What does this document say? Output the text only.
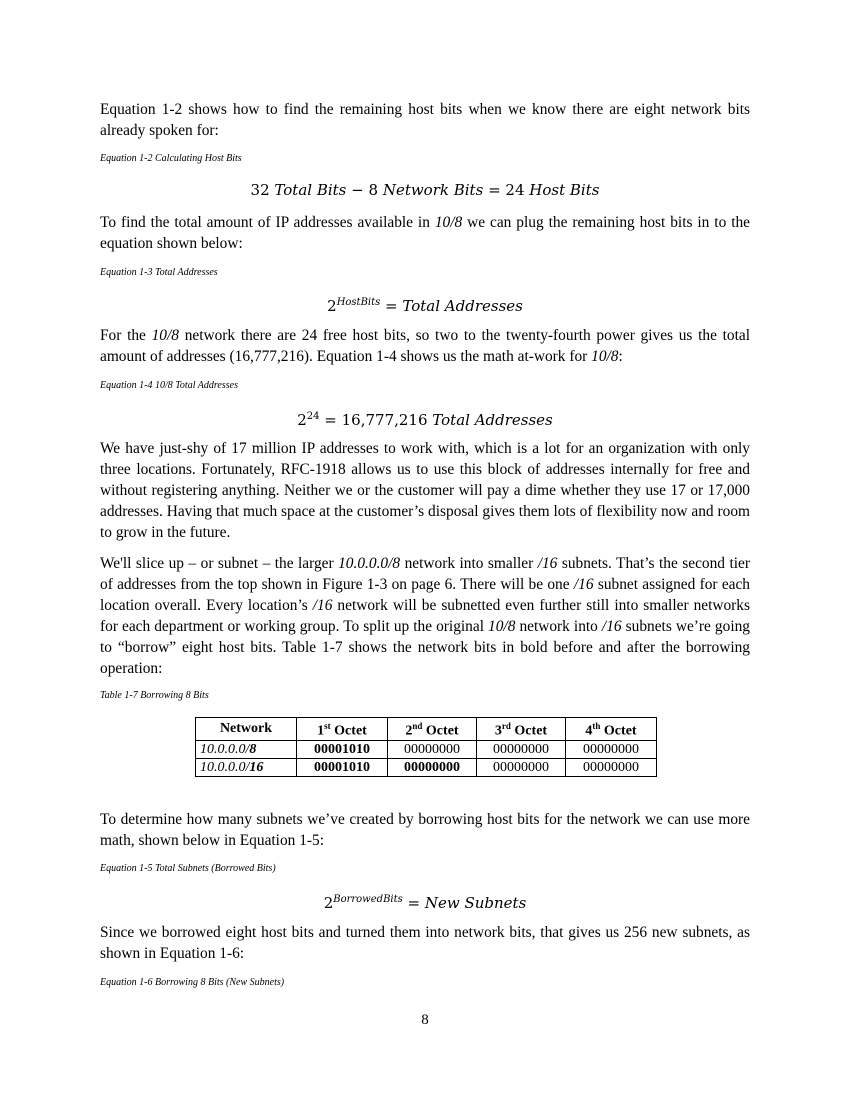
Equation 1-2 shows how to find the remaining host bits when we know there are eight network bits already spoken for:

Equation 1-2 Calculating Host Bits

32 Total Bits − 8 Network Bits = 24 Host Bits

To find the total amount of IP addresses available in 10/8 we can plug the remaining host bits in to the equation shown below:

Equation 1-3 Total Addresses

$2^{HostBits}$ = Total Addresses

For the 10/8 network there are 24 free host bits, so two to the twenty-fourth power gives us the total amount of addresses (16,777,216). Equation 1-4 shows us the math at-work for 10/8:

Equation 1-4 10/8 Total Addresses

$2^{24} = 16,777,216$ Total Addresses

We have just-shy of 17 million IP addresses to work with, which is a lot for an organization with only three locations. Fortunately, RFC-1918 allows us to use this block of addresses internally for free and without registering anything. Neither we or the customer will pay a dime whether they use 17 or 17,000 addresses. Having that much space at the customer’s disposal gives them lots of flexibility now and room to grow in the future.

We'll slice up – or subnet – the larger 10.0.0.0/8 network into smaller /16 subnets. That’s the second tier of addresses from the top shown in Figure 1-3 on page 6. There will be one /16 subnet assigned for each location overall. Every location’s /16 network will be subnetted even further still into smaller networks for each department or working group. To split up the original 10/8 network into /16 subnets we’re going to “borrow” eight host bits. Table 1-7 shows the network bits in bold before and after the borrowing operation:

Table 1-7 Borrowing 8 Bits

Network	1st Octet	2nd Octet	3rd Octet	4th Octet
10.0.0.0/8	00001010	00000000	00000000	00000000
10.0.0.0/16	00001010	00000000	00000000	00000000

To determine how many subnets we’ve created by borrowing host bits for the network we can use more math, shown below in Equation 1-5:

Equation 1-5 Total Subnets (Borrowed Bits)

$2^{BorrowedBits}$ = New Subnets

Since we borrowed eight host bits and turned them into network bits, that gives us 256 new subnets, as shown in Equation 1-6:

Equation 1-6 Borrowing 8 Bits (New Subnets)

8
